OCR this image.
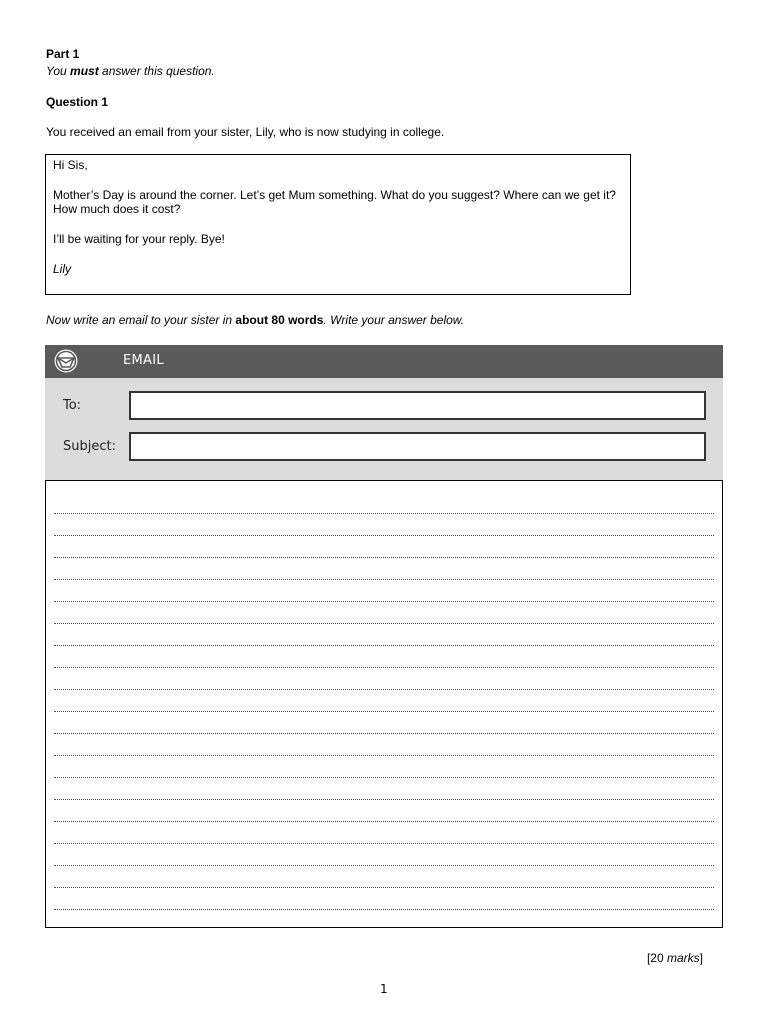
Part 1
You must answer this question.
Question 1
You received an email from your sister, Lily, who is now studying in college.

Hi Sis,

Mother’s Day is around the corner. Let’s get Mum something. What do you suggest? Where can we get it? How much does it cost?

I’ll be waiting for your reply. Bye!

Lily

Now write an email to your sister in about 80 words. Write your answer below.
EMAIL
To:
Subject:
[20 marks]
1
